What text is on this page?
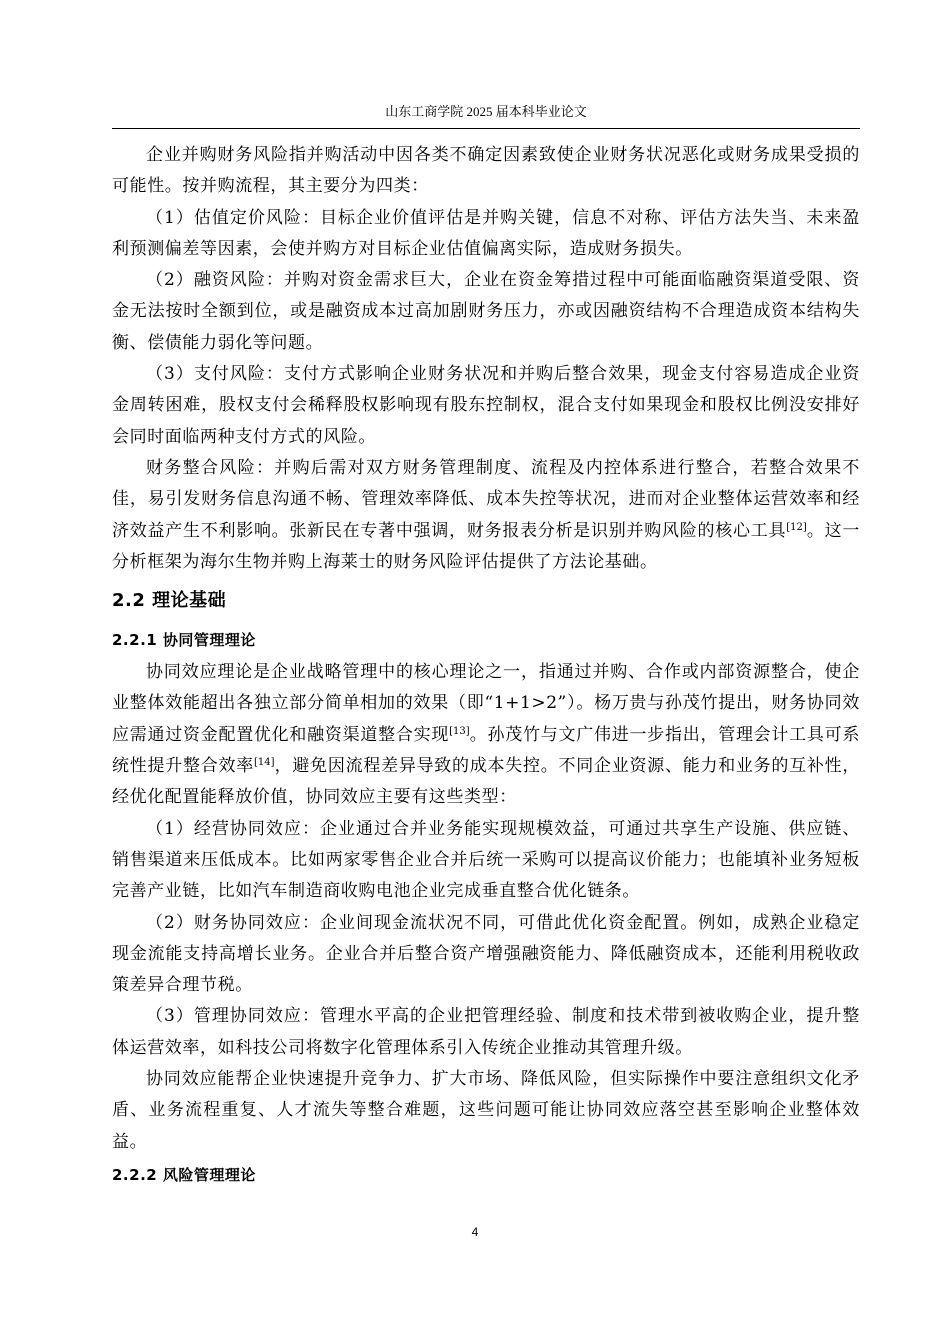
山东工商学院 2025 届本科毕业论文

企业并购财务风险指并购活动中因各类不确定因素致使企业财务状况恶化或财务成果受损的可能性。按并购流程，其主要分为四类：

（1）估值定价风险：目标企业价值评估是并购关键，信息不对称、评估方法失当、未来盈利预测偏差等因素，会使并购方对目标企业估值偏离实际，造成财务损失。

（2）融资风险：并购对资金需求巨大，企业在资金筹措过程中可能面临融资渠道受限、资金无法按时全额到位，或是融资成本过高加剧财务压力，亦或因融资结构不合理造成资本结构失衡、偿债能力弱化等问题。

（3）支付风险：支付方式影响企业财务状况和并购后整合效果，现金支付容易造成企业资金周转困难，股权支付会稀释股权影响现有股东控制权，混合支付如果现金和股权比例没安排好会同时面临两种支付方式的风险。

财务整合风险：并购后需对双方财务管理制度、流程及内控体系进行整合，若整合效果不佳，易引发财务信息沟通不畅、管理效率降低、成本失控等状况，进而对企业整体运营效率和经济效益产生不利影响。张新民在专著中强调，财务报表分析是识别并购风险的核心工具[12]。这一分析框架为海尔生物并购上海莱士的财务风险评估提供了方法论基础。

2.2 理论基础
2.2.1 协同管理理论

协同效应理论是企业战略管理中的核心理论之一，指通过并购、合作或内部资源整合，使企业整体效能超出各独立部分简单相加的效果（即“1+1>2”）。杨万贵与孙茂竹提出，财务协同效应需通过资金配置优化和融资渠道整合实现[13]。孙茂竹与文广伟进一步指出，管理会计工具可系统性提升整合效率[14]，避免因流程差异导致的成本失控。不同企业资源、能力和业务的互补性，经优化配置能释放价值，协同效应主要有这些类型：

（1）经营协同效应：企业通过合并业务能实现规模效益，可通过共享生产设施、供应链、销售渠道来压低成本。比如两家零售企业合并后统一采购可以提高议价能力；也能填补业务短板完善产业链，比如汽车制造商收购电池企业完成垂直整合优化链条。

（2）财务协同效应：企业间现金流状况不同，可借此优化资金配置。例如，成熟企业稳定现金流能支持高增长业务。企业合并后整合资产增强融资能力、降低融资成本，还能利用税收政策差异合理节税。

（3）管理协同效应：管理水平高的企业把管理经验、制度和技术带到被收购企业，提升整体运营效率，如科技公司将数字化管理体系引入传统企业推动其管理升级。

协同效应能帮企业快速提升竞争力、扩大市场、降低风险，但实际操作中要注意组织文化矛盾、业务流程重复、人才流失等整合难题，这些问题可能让协同效应落空甚至影响企业整体效益。

2.2.2 风险管理理论
4
